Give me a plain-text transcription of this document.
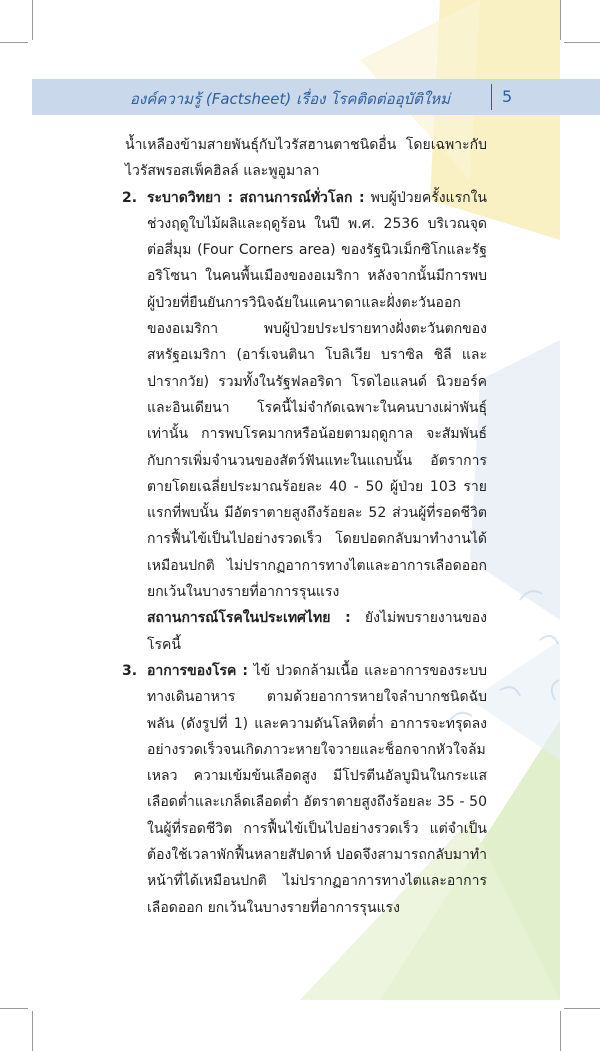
องค์ความรู้ (Factsheet) เรื่อง โรคติดต่ออุบัติใหม่	5

น้ำเหลืองข้ามสายพันธุ์กับไวรัสฮานตาชนิดอื่น โดยเฉพาะกับไวรัสพรอสเพ็คฮิลล์ และพูอูมาลา

2. ระบาดวิทยา : สถานการณ์ทั่วโลก : พบผู้ป่วยครั้งแรกในช่วงฤดูใบไม้ผลิและฤดูร้อน ในปี พ.ศ. 2536 บริเวณจุดต่อสี่มุม (Four Corners area) ของรัฐนิวเม็กซิโกและรัฐอริโซนา ในคนพื้นเมืองของอเมริกา หลังจากนั้นมีการพบผู้ป่วยที่ยืนยันการวินิจฉัยในแคนาดาและฝั่งตะวันออก ของอเมริกา พบผู้ป่วยประปรายทางฝั่งตะวันตกของสหรัฐอเมริกา (อาร์เจนตินา โบลิเวีย บราซิล ชิลี และปารากวัย) รวมทั้งในรัฐฟลอริดา โรดไอแลนด์ นิวยอร์ค และอินเดียนา โรคนี้ไม่จำกัดเฉพาะในคนบางเผ่าพันธุ์เท่านั้น การพบโรคมากหรือน้อยตามฤดูกาล จะสัมพันธ์กับการเพิ่มจำนวนของสัตว์ฟันแทะในแถบนั้น อัตราการตายโดยเฉลี่ยประมาณร้อยละ 40 - 50 ผู้ป่วย 103 รายแรกที่พบนั้น มีอัตราตายสูงถึงร้อยละ 52 ส่วนผู้ที่รอดชีวิตการฟื้นไข้เป็นไปอย่างรวดเร็ว โดยปอดกลับมาทำงานได้เหมือนปกติ ไม่ปรากฏอาการทางไตและอาการเลือดออกยกเว้นในบางรายที่อาการรุนแรง

สถานการณ์โรคในประเทศไทย : ยังไม่พบรายงานของโรคนี้

3. อาการของโรค : ไข้ ปวดกล้ามเนื้อ และอาการของระบบทางเดินอาหาร ตามด้วยอาการหายใจลำบากชนิดฉับพลัน (ดังรูปที่ 1) และความดันโลหิตต่ำ อาการจะทรุดลงอย่างรวดเร็วจนเกิดภาวะหายใจวายและช็อกจากหัวใจล้มเหลว ความเข้มข้นเลือดสูง มีโปรตีนอัลบูมินในกระแสเลือดต่ำและเกล็ดเลือดต่ำ อัตราตายสูงถึงร้อยละ 35 - 50 ในผู้ที่รอดชีวิต การฟื้นไข้เป็นไปอย่างรวดเร็ว แต่จำเป็นต้องใช้เวลาพักฟื้นหลายสัปดาห์ ปอดจึงสามารถกลับมาทำหน้าที่ได้เหมือนปกติ ไม่ปรากฏอาการทางไตและอาการเลือดออก ยกเว้นในบางรายที่อาการรุนแรง
